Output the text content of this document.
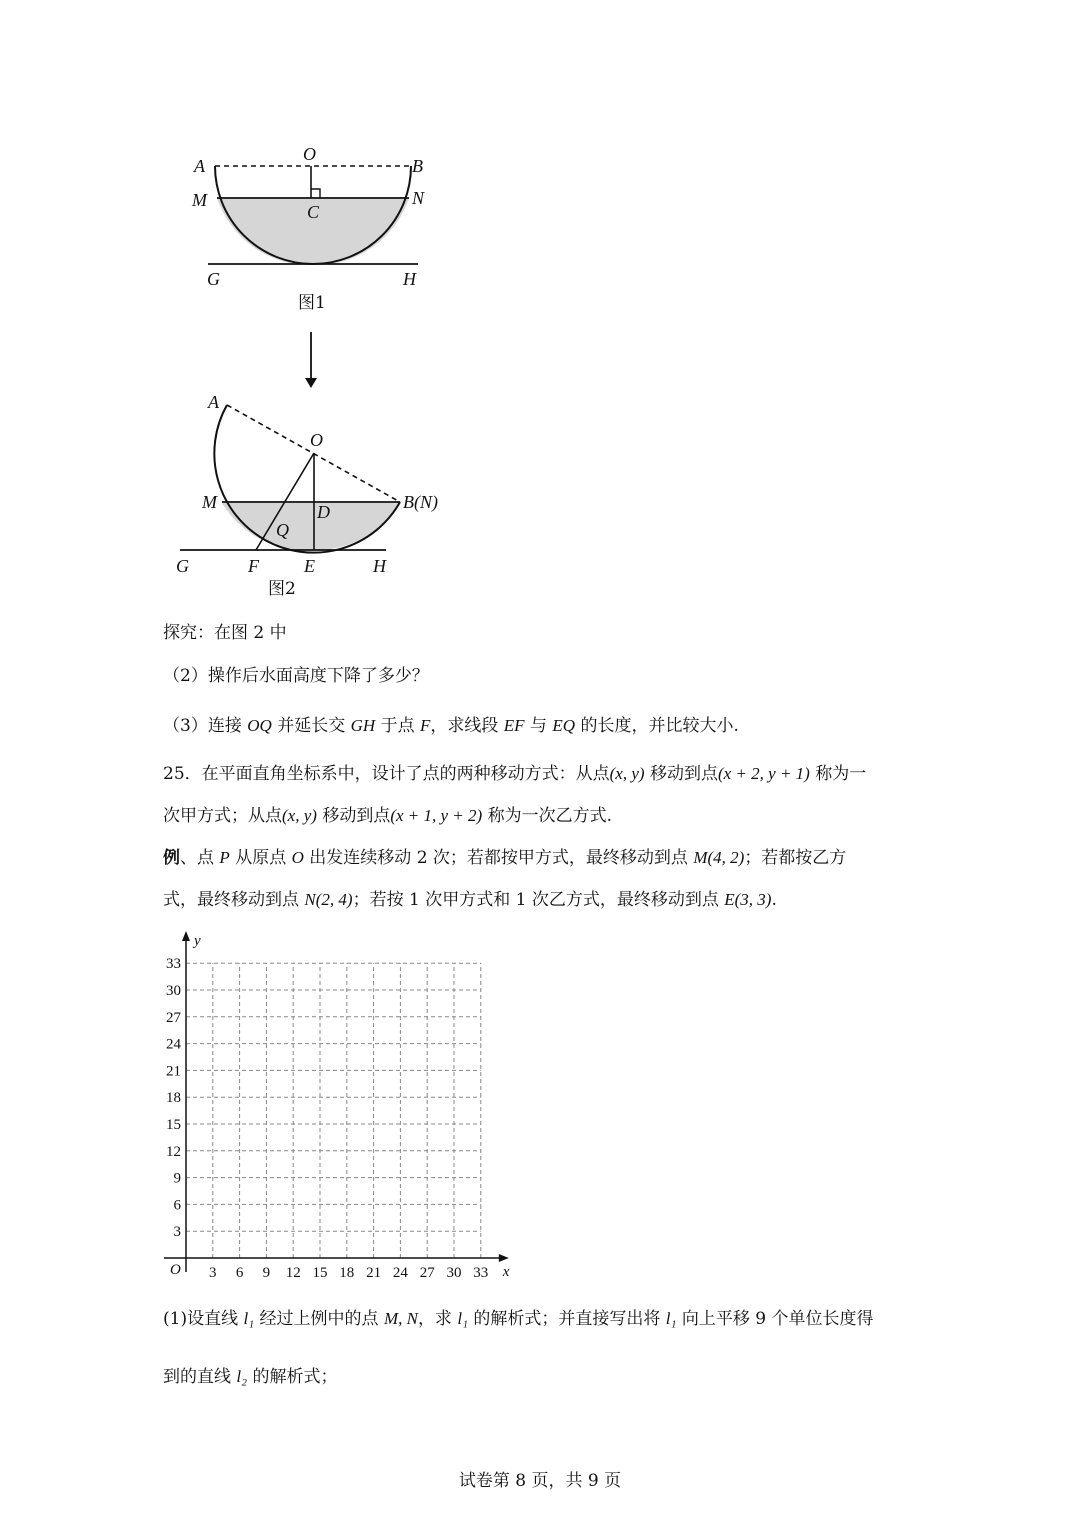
A
O
B
M
C
N
G	H
图1
A
O
M	D	B(N)
Q
G	F	E	H
图2
探究：在图 2 中
（2）操作后水面高度下降了多少？
（3）连接 OQ 并延长交 GH 于点 F，求线段 EF 与 EQ 的长度，并比较大小.
25．在平面直角坐标系中，设计了点的两种移动方式：从点(x, y) 移动到点(x + 2, y + 1) 称为一
次甲方式；从点(x, y) 移动到点(x + 1, y + 2) 称为一次乙方式.
例、点 P 从原点 O 出发连续移动 2 次；若都按甲方式，最终移动到点 M(4, 2)；若都按乙方
式，最终移动到点 N(2, 4)；若按 1 次甲方式和 1 次乙方式，最终移动到点 E(3, 3).
3 6 9 12 15 18 21 24 27 30 33
3
6
9
12
15
18
21
24
27
30
33
O	x
y
(1)设直线 l₁ 经过上例中的点 M, N，求 l₁ 的解析式；并直接写出将 l₁ 向上平移 9 个单位长度得
到的直线 l₂ 的解析式；
试卷第 8 页，共 9 页
